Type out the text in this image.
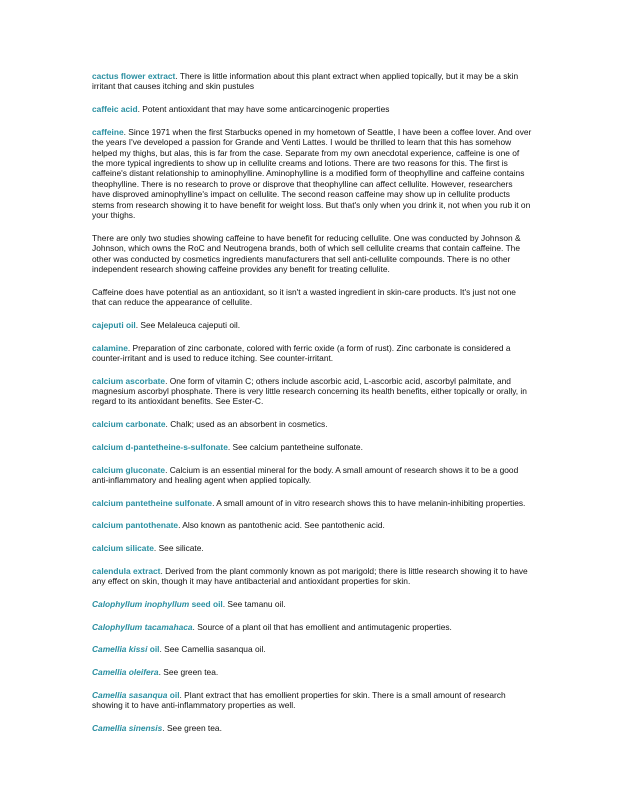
cactus flower extract. There is little information about this plant extract when applied topically, but it may be a skin irritant that causes itching and skin pustules

caffeic acid. Potent antioxidant that may have some anticarcinogenic properties

caffeine. Since 1971 when the first Starbucks opened in my hometown of Seattle, I have been a coffee lover. And over the years I've developed a passion for Grande and Venti Lattes. I would be thrilled to learn that this has somehow helped my thighs, but alas, this is far from the case. Separate from my own anecdotal experience, caffeine is one of the more typical ingredients to show up in cellulite creams and lotions. There are two reasons for this. The first is caffeine's distant relationship to aminophylline. Aminophylline is a modified form of theophylline and caffeine contains theophylline. There is no research to prove or disprove that theophylline can affect cellulite. However, researchers have disproved aminophylline's impact on cellulite. The second reason caffeine may show up in cellulite products stems from research showing it to have benefit for weight loss. But that's only when you drink it, not when you rub it on your thighs.

There are only two studies showing caffeine to have benefit for reducing cellulite. One was conducted by Johnson & Johnson, which owns the RoC and Neutrogena brands, both of which sell cellulite creams that contain caffeine. The other was conducted by cosmetics ingredients manufacturers that sell anti-cellulite compounds. There is no other independent research showing caffeine provides any benefit for treating cellulite.

Caffeine does have potential as an antioxidant, so it isn't a wasted ingredient in skin-care products. It's just not one that can reduce the appearance of cellulite.

cajeputi oil. See Melaleuca cajeputi oil.

calamine. Preparation of zinc carbonate, colored with ferric oxide (a form of rust). Zinc carbonate is considered a counter-irritant and is used to reduce itching. See counter-irritant.

calcium ascorbate. One form of vitamin C; others include ascorbic acid, L-ascorbic acid, ascorbyl palmitate, and magnesium ascorbyl phosphate. There is very little research concerning its health benefits, either topically or orally, in regard to its antioxidant benefits. See Ester-C.

calcium carbonate. Chalk; used as an absorbent in cosmetics.

calcium d-pantetheine-s-sulfonate. See calcium pantetheine sulfonate.

calcium gluconate. Calcium is an essential mineral for the body. A small amount of research shows it to be a good anti-inflammatory and healing agent when applied topically.

calcium pantetheine sulfonate. A small amount of in vitro research shows this to have melanin-inhibiting properties.

calcium pantothenate. Also known as pantothenic acid. See pantothenic acid.

calcium silicate. See silicate.

calendula extract. Derived from the plant commonly known as pot marigold; there is little research showing it to have any effect on skin, though it may have antibacterial and antioxidant properties for skin.

Calophyllum inophyllum seed oil. See tamanu oil.

Calophyllum tacamahaca. Source of a plant oil that has emollient and antimutagenic properties.

Camellia kissi oil. See Camellia sasanqua oil.

Camellia oleifera. See green tea.

Camellia sasanqua oil. Plant extract that has emollient properties for skin. There is a small amount of research showing it to have anti-inflammatory properties as well.

Camellia sinensis. See green tea.
